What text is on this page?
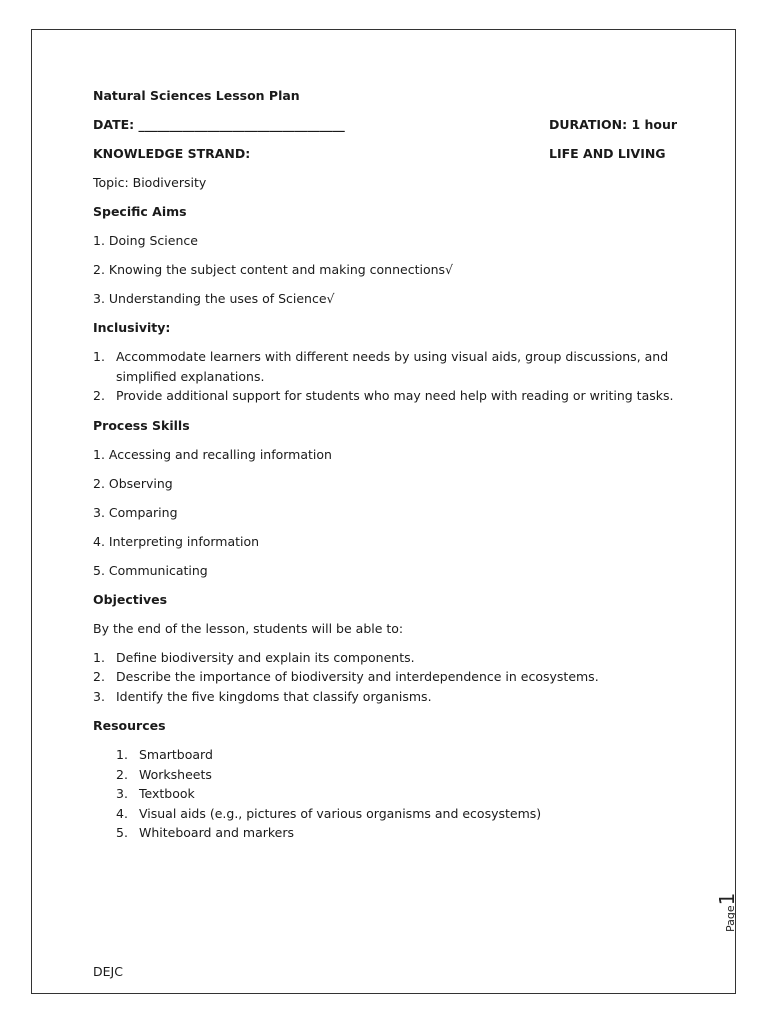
Natural Sciences Lesson Plan
DATE: _________________________________	DURATION: 1 hour
KNOWLEDGE STRAND:	LIFE AND LIVING
Topic: Biodiversity
Specific Aims
1. Doing Science
2. Knowing the subject content and making connections√
3. Understanding the uses of Science√
Inclusivity:
1. Accommodate learners with different needs by using visual aids, group discussions, and simplified explanations.
2. Provide additional support for students who may need help with reading or writing tasks.
Process Skills
1. Accessing and recalling information
2. Observing
3. Comparing
4. Interpreting information
5. Communicating
Objectives
By the end of the lesson, students will be able to:
1. Define biodiversity and explain its components.
2. Describe the importance of biodiversity and interdependence in ecosystems.
3. Identify the five kingdoms that classify organisms.
Resources
1. Smartboard
2. Worksheets
3. Textbook
4. Visual aids (e.g., pictures of various organisms and ecosystems)
5. Whiteboard and markers
Page1
DEJC
